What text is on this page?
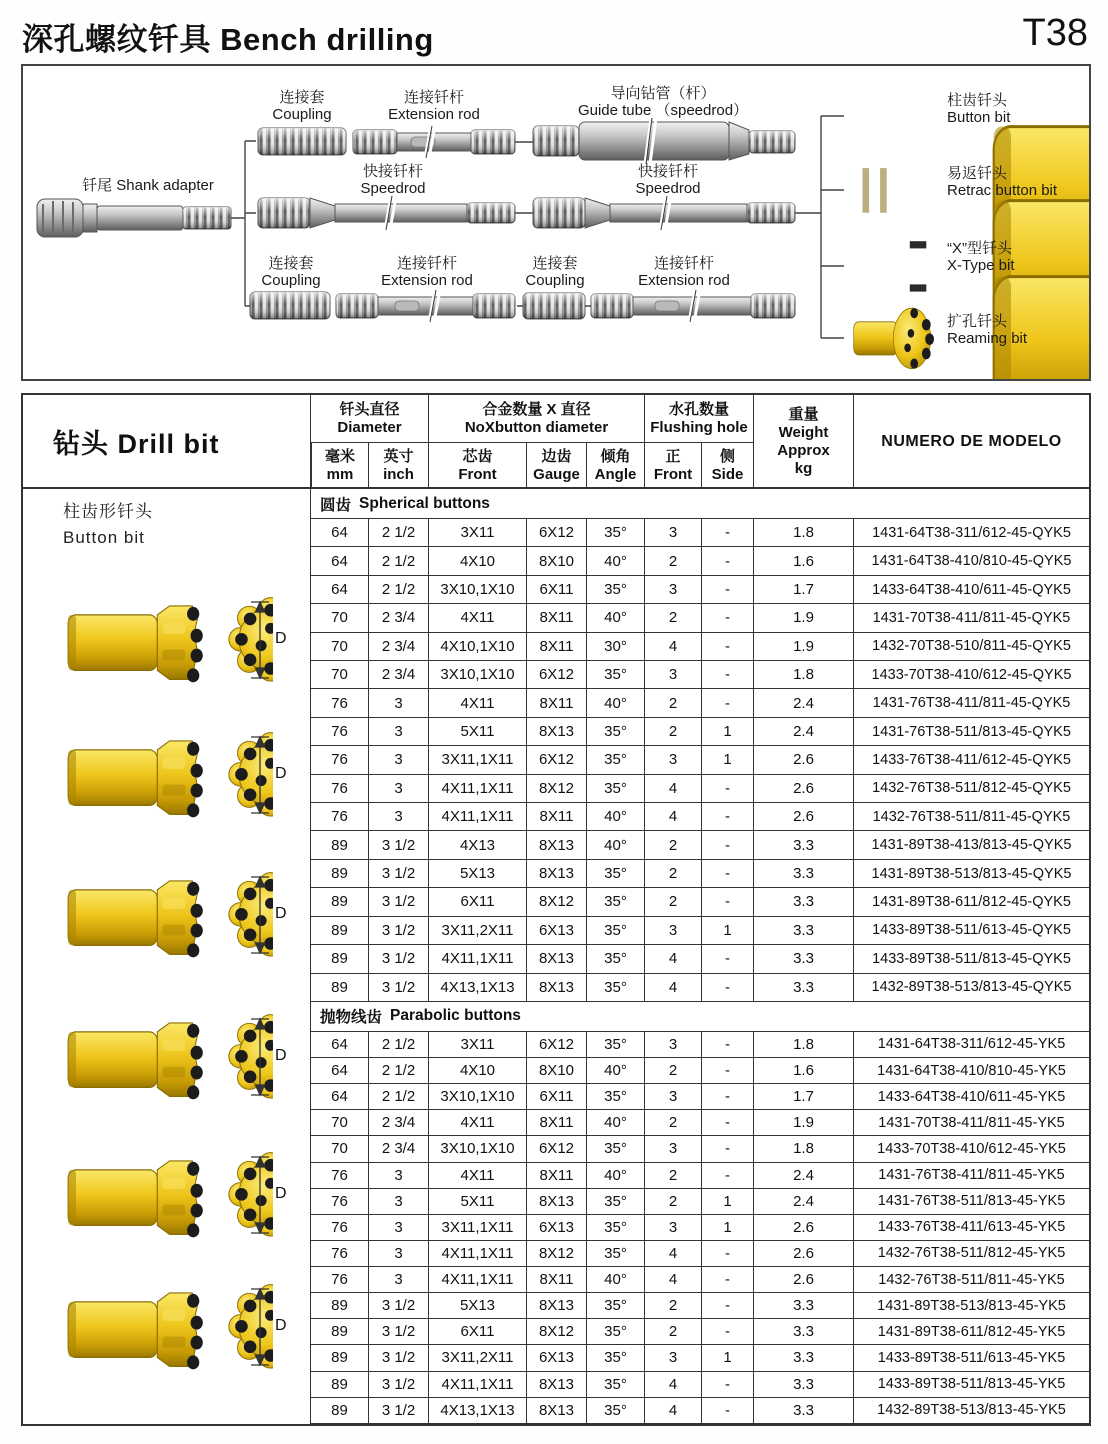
深孔螺纹钎具 Bench drilling	T38
钎尾 Shank adapter
连接套
Coupling
连接钎杆
Extension rod
导向钻管（杆）
Guide tube （speedrod）
快接钎杆
Speedrod
快接钎杆
Speedrod
连接套
Coupling
连接钎杆
Extension rod
连接套
Coupling
连接钎杆
Extension rod
柱齿钎头
Button bit
易返钎头
Retrac button bit
“X”型钎头
X-Type bit
扩孔钎头
Reaming bit
钻头 Drill bit
柱齿形钎头
Button bit
D
D
D
D
D
D
钎头直径
Diameter
合金数量 X 直径
NoXbutton diameter
水孔数量
Flushing hole
重量
Weight
Approx
kg
NUMERO DE MODELO
毫米
mm
英寸
inch
芯齿
Front
边齿
Gauge
倾角
Angle
正
Front
侧
Side
圆齿 Spherical buttons
64	2 1/2	3X11	6X12	35°	3	-	1.8	1431-64T38-311/612-45-QYK5
64	2 1/2	4X10	8X10	40°	2	-	1.6	1431-64T38-410/810-45-QYK5
64	2 1/2	3X10,1X10	6X11	35°	3	-	1.7	1433-64T38-410/611-45-QYK5
70	2 3/4	4X11	8X11	40°	2	-	1.9	1431-70T38-411/811-45-QYK5
70	2 3/4	4X10,1X10	8X11	30°	4	-	1.9	1432-70T38-510/811-45-QYK5
70	2 3/4	3X10,1X10	6X12	35°	3	-	1.8	1433-70T38-410/612-45-QYK5
76	3	4X11	8X11	40°	2	-	2.4	1431-76T38-411/811-45-QYK5
76	3	5X11	8X13	35°	2	1	2.4	1431-76T38-511/813-45-QYK5
76	3	3X11,1X11	6X12	35°	3	1	2.6	1433-76T38-411/612-45-QYK5
76	3	4X11,1X11	8X12	35°	4	-	2.6	1432-76T38-511/812-45-QYK5
76	3	4X11,1X11	8X11	40°	4	-	2.6	1432-76T38-511/811-45-QYK5
89	3 1/2	4X13	8X13	40°	2	-	3.3	1431-89T38-413/813-45-QYK5
89	3 1/2	5X13	8X13	35°	2	-	3.3	1431-89T38-513/813-45-QYK5
89	3 1/2	6X11	8X12	35°	2	-	3.3	1431-89T38-611/812-45-QYK5
89	3 1/2	3X11,2X11	6X13	35°	3	1	3.3	1433-89T38-511/613-45-QYK5
89	3 1/2	4X11,1X11	8X13	35°	4	-	3.3	1433-89T38-511/813-45-QYK5
89	3 1/2	4X13,1X13	8X13	35°	4	-	3.3	1432-89T38-513/813-45-QYK5
抛物线齿 Parabolic buttons
64	2 1/2	3X11	6X12	35°	3	-	1.8	1431-64T38-311/612-45-YK5
64	2 1/2	4X10	8X10	40°	2	-	1.6	1431-64T38-410/810-45-YK5
64	2 1/2	3X10,1X10	6X11	35°	3	-	1.7	1433-64T38-410/611-45-YK5
70	2 3/4	4X11	8X11	40°	2	-	1.9	1431-70T38-411/811-45-YK5
70	2 3/4	3X10,1X10	6X12	35°	3	-	1.8	1433-70T38-410/612-45-YK5
76	3	4X11	8X11	40°	2	-	2.4	1431-76T38-411/811-45-YK5
76	3	5X11	8X13	35°	2	1	2.4	1431-76T38-511/813-45-YK5
76	3	3X11,1X11	6X13	35°	3	1	2.6	1433-76T38-411/613-45-YK5
76	3	4X11,1X11	8X12	35°	4	-	2.6	1432-76T38-511/812-45-YK5
76	3	4X11,1X11	8X11	40°	4	-	2.6	1432-76T38-511/811-45-YK5
89	3 1/2	5X13	8X13	35°	2	-	3.3	1431-89T38-513/813-45-YK5
89	3 1/2	6X11	8X12	35°	2	-	3.3	1431-89T38-611/812-45-YK5
89	3 1/2	3X11,2X11	6X13	35°	3	1	3.3	1433-89T38-511/613-45-YK5
89	3 1/2	4X11,1X11	8X13	35°	4	-	3.3	1433-89T38-511/813-45-YK5
89	3 1/2	4X13,1X13	8X13	35°	4	-	3.3	1432-89T38-513/813-45-YK5
